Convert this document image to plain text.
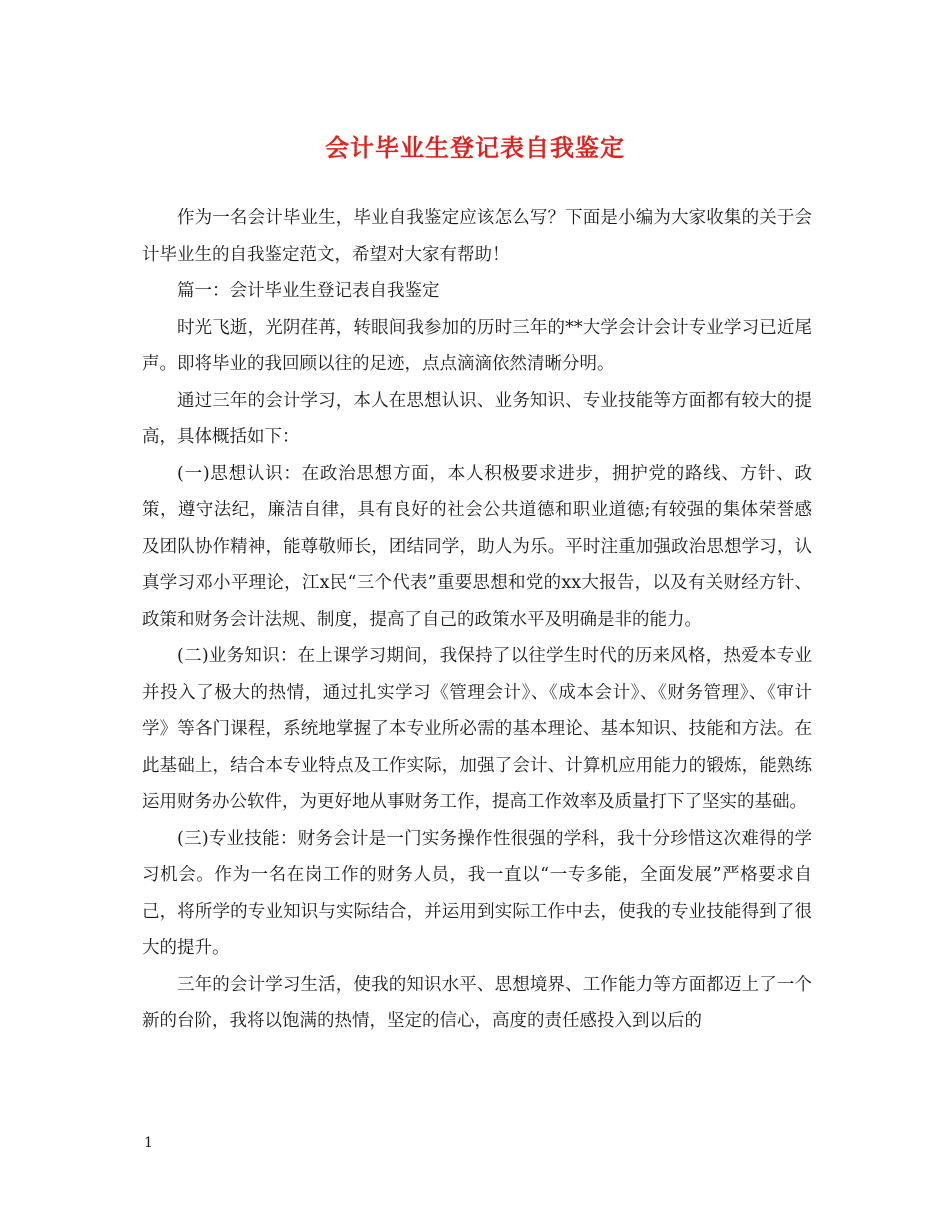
会计毕业生登记表自我鉴定

作为一名会计毕业生，毕业自我鉴定应该怎么写？下面是小编为大家收集的关于会计毕业生的自我鉴定范文，希望对大家有帮助！

篇一：会计毕业生登记表自我鉴定

时光飞逝，光阴荏苒，转眼间我参加的历时三年的**大学会计会计专业学习已近尾声。即将毕业的我回顾以往的足迹，点点滴滴依然清晰分明。

通过三年的会计学习，本人在思想认识、业务知识、专业技能等方面都有较大的提高，具体概括如下：

(一)思想认识：在政治思想方面，本人积极要求进步，拥护党的路线、方针、政策，遵守法纪，廉洁自律，具有良好的社会公共道德和职业道德;有较强的集体荣誉感及团队协作精神，能尊敬师长，团结同学，助人为乐。平时注重加强政治思想学习，认真学习邓小平理论，江x民“三个代表”重要思想和党的xx大报告，以及有关财经方针、政策和财务会计法规、制度，提高了自己的政策水平及明确是非的能力。

(二)业务知识：在上课学习期间，我保持了以往学生时代的历来风格，热爱本专业并投入了极大的热情，通过扎实学习《管理会计》、《成本会计》、《财务管理》、《审计学》等各门课程，系统地掌握了本专业所必需的基本理论、基本知识、技能和方法。在此基础上，结合本专业特点及工作实际，加强了会计、计算机应用能力的锻炼，能熟练运用财务办公软件，为更好地从事财务工作，提高工作效率及质量打下了坚实的基础。

(三)专业技能：财务会计是一门实务操作性很强的学科，我十分珍惜这次难得的学习机会。作为一名在岗工作的财务人员，我一直以“一专多能，全面发展”严格要求自己，将所学的专业知识与实际结合，并运用到实际工作中去，使我的专业技能得到了很大的提升。

三年的会计学习生活，使我的知识水平、思想境界、工作能力等方面都迈上了一个新的台阶，我将以饱满的热情，坚定的信心，高度的责任感投入到以后的

1
